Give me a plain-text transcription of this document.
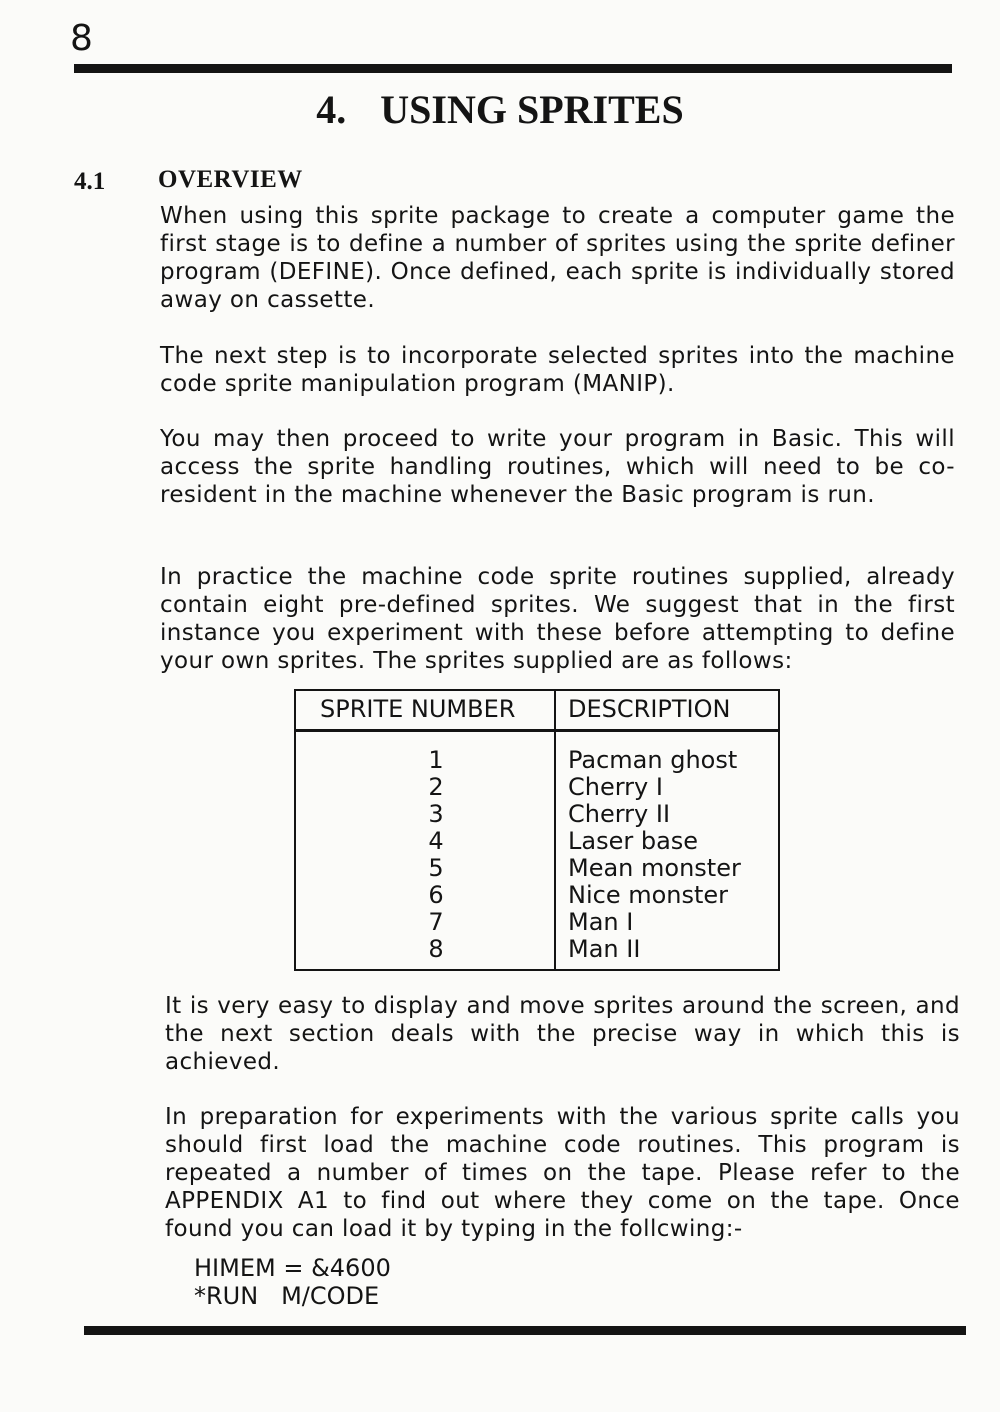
8
4. USING SPRITES
4.1 OVERVIEW
When using this sprite package to create a computer game the first stage is to define a number of sprites using the sprite definer program (DEFINE). Once defined, each sprite is individually stored away on cassette.
The next step is to incorporate selected sprites into the machine code sprite manipulation program (MANIP).
You may then proceed to write your program in Basic. This will access the sprite handling routines, which will need to be co-resident in the machine whenever the Basic program is run.
In practice the machine code sprite routines supplied, already contain eight pre-defined sprites. We suggest that in the first instance you experiment with these before attempting to define your own sprites. The sprites supplied are as follows:
SPRITE NUMBER DESCRIPTION
1
2
3
4
5
6
7
8
Pacman ghost
Cherry I
Cherry II
Laser base
Mean monster
Nice monster
Man I
Man II
It is very easy to display and move sprites around the screen, and the next section deals with the precise way in which this is achieved.
In preparation for experiments with the various sprite calls you should first load the machine code routines. This program is repeated a number of times on the tape. Please refer to the APPENDIX A1 to find out where they come on the tape. Once found you can load it by typing in the follcwing:-
HIMEM = &4600
*RUN   M/CODE
